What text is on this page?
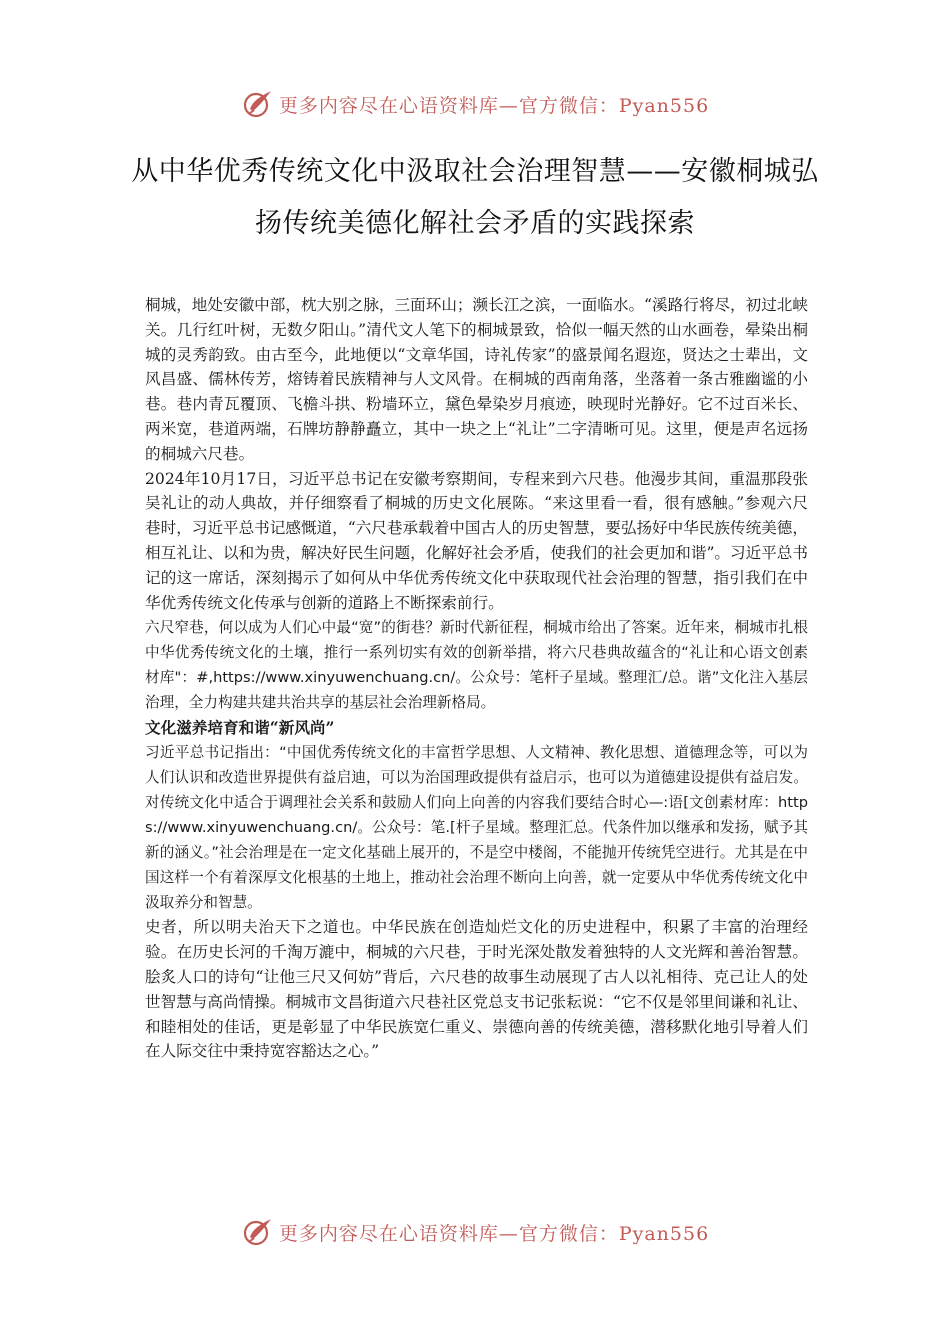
更多内容尽在心语资料库—官方微信：Pyan556
从中华优秀传统文化中汲取社会治理智慧——安徽桐城弘扬传统美德化解社会矛盾的实践探索

桐城，地处安徽中部，枕大别之脉，三面环山；濒长江之滨，一面临水。“溪路行将尽，初过北峡关。几行红叶树，无数夕阳山。”清代文人笔下的桐城景致，恰似一幅天然的山水画卷，晕染出桐城的灵秀韵致。由古至今，此地便以“文章华国，诗礼传家”的盛景闻名遐迩，贤达之士辈出，文风昌盛、儒林传芳，熔铸着民族精神与人文风骨。在桐城的西南角落，坐落着一条古雅幽谧的小巷。巷内青瓦覆顶、飞檐斗拱、粉墙环立，黛色晕染岁月痕迹，映现时光静好。它不过百米长、两米宽，巷道两端，石牌坊静静矗立，其中一块之上“礼让”二字清晰可见。这里，便是声名远扬的桐城六尺巷。

2024年10月17日，习近平总书记在安徽考察期间，专程来到六尺巷。他漫步其间，重温那段张吴礼让的动人典故，并仔细察看了桐城的历史文化展陈。“来这里看一看，很有感触。”参观六尺巷时，习近平总书记感慨道，“六尺巷承载着中国古人的历史智慧，要弘扬好中华民族传统美德，相互礼让、以和为贵，解决好民生问题，化解好社会矛盾，使我们的社会更加和谐”。习近平总书记的这一席话，深刻揭示了如何从中华优秀传统文化中获取现代社会治理的智慧，指引我们在中华优秀传统文化传承与创新的道路上不断探索前行。

六尺窄巷，何以成为人们心中最“宽”的街巷？新时代新征程，桐城市给出了答案。近年来，桐城市扎根中华优秀传统文化的土壤，推行一系列切实有效的创新举措，将六尺巷典故蕴含的“礼让和心语文创素材库"：#,https://www.xinyuwenchuang.cn/。公众号：笔杆子星域。整理汇/总。谐”文化注入基层治理，全力构建共建共治共享的基层社会治理新格局。

文化滋养培育和谐“新风尚”

习近平总书记指出：“中国优秀传统文化的丰富哲学思想、人文精神、教化思想、道德理念等，可以为人们认识和改造世界提供有益启迪，可以为治国理政提供有益启示，也可以为道德建设提供有益启发。对传统文化中适合于调理社会关系和鼓励人们向上向善的内容我们要结合时心—:语[文创素材库：https://www.xinyuwenchuang.cn/。公众号：笔.[杆子星域。整理汇总。代条件加以继承和发扬，赋予其新的涵义。”社会治理是在一定文化基础上展开的，不是空中楼阁，不能抛开传统凭空进行。尤其是在中国这样一个有着深厚文化根基的土地上，推动社会治理不断向上向善，就一定要从中华优秀传统文化中汲取养分和智慧。

史者，所以明夫治天下之道也。中华民族在创造灿烂文化的历史进程中，积累了丰富的治理经验。在历史长河的千淘万漉中，桐城的六尺巷，于时光深处散发着独特的人文光辉和善治智慧。脍炙人口的诗句“让他三尺又何妨”背后，六尺巷的故事生动展现了古人以礼相待、克己让人的处世智慧与高尚情操。桐城市文昌街道六尺巷社区党总支书记张耘说：“它不仅是邻里间谦和礼让、和睦相处的佳话，更是彰显了中华民族宽仁重义、崇德向善的传统美德，潜移默化地引导着人们在人际交往中秉持宽容豁达之心。”

更多内容尽在心语资料库—官方微信：Pyan556
